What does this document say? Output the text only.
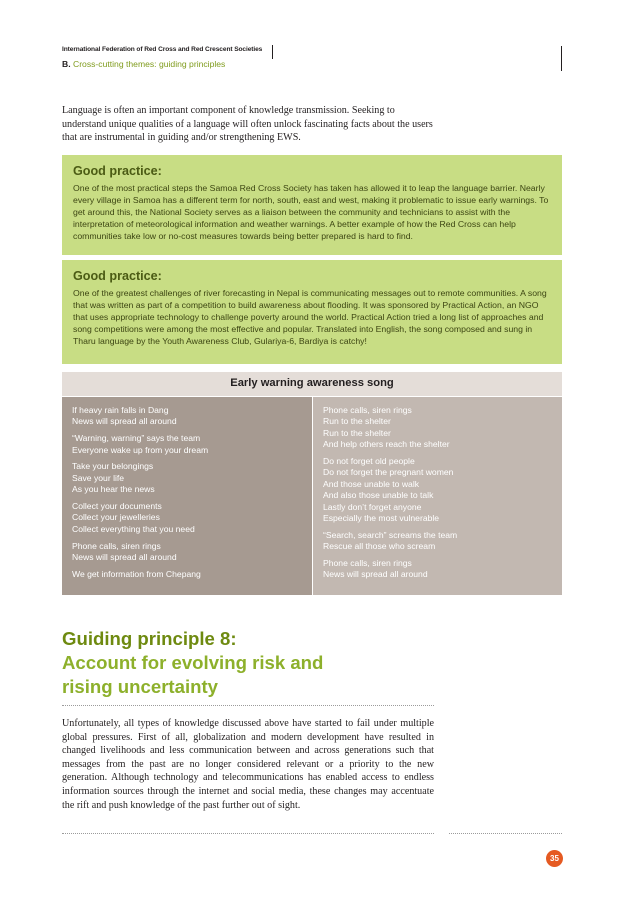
International Federation of Red Cross and Red Crescent Societies
B. Cross-cutting themes: guiding principles
Language is often an important component of knowledge transmission. Seeking to understand unique qualities of a language will often unlock fascinating facts about the users that are instrumental in guiding and/or strengthening EWS.
Good practice:
One of the most practical steps the Samoa Red Cross Society has taken has allowed it to leap the language barrier. Nearly every village in Samoa has a different term for north, south, east and west, making it problematic to issue early warnings. To get around this, the National Society serves as a liaison between the community and technicians to assist with the interpretation of meteorological information and weather warnings. A better example of how the Red Cross can help communities take low or no-cost measures towards being better prepared is hard to find.
Good practice:
One of the greatest challenges of river forecasting in Nepal is communicating messages out to remote communities. A song that was written as part of a competition to build awareness about flooding. It was sponsored by Practical Action, an NGO that uses appropriate technology to challenge poverty around the world. Practical Action tried a long list of approaches and song competitions were among the most effective and popular. Translated into English, the song composed and sung in Tharu language by the Youth Awareness Club, Gulariya-6, Bardiya is catchy!
Early warning awareness song
If heavy rain falls in Dang
News will spread all around
“Warning, warning” says the team
Everyone wake up from your dream
Take your belongings
Save your life
As you hear the news
Collect your documents
Collect your jewelleries
Collect everything that you need
Phone calls, siren rings
News will spread all around
We get information from Chepang
Phone calls, siren rings
Run to the shelter
Run to the shelter
And help others reach the shelter
Do not forget old people
Do not forget the pregnant women
And those unable to walk
And also those unable to talk
Lastly don’t forget anyone
Especially the most vulnerable
“Search, search” screams the team
Rescue all those who scream
Phone calls, siren rings
News will spread all around
Guiding principle 8:
Account for evolving risk and
rising uncertainty
Unfortunately, all types of knowledge discussed above have started to fail under multiple global pressures. First of all, globalization and modern development have resulted in changed livelihoods and less communication between and across generations such that messages from the past are no longer considered relevant or a priority to the new generation. Although technology and telecommunications has enabled access to endless information sources through the internet and social media, these changes may accentuate the rift and push knowledge of the past further out of sight.
35
